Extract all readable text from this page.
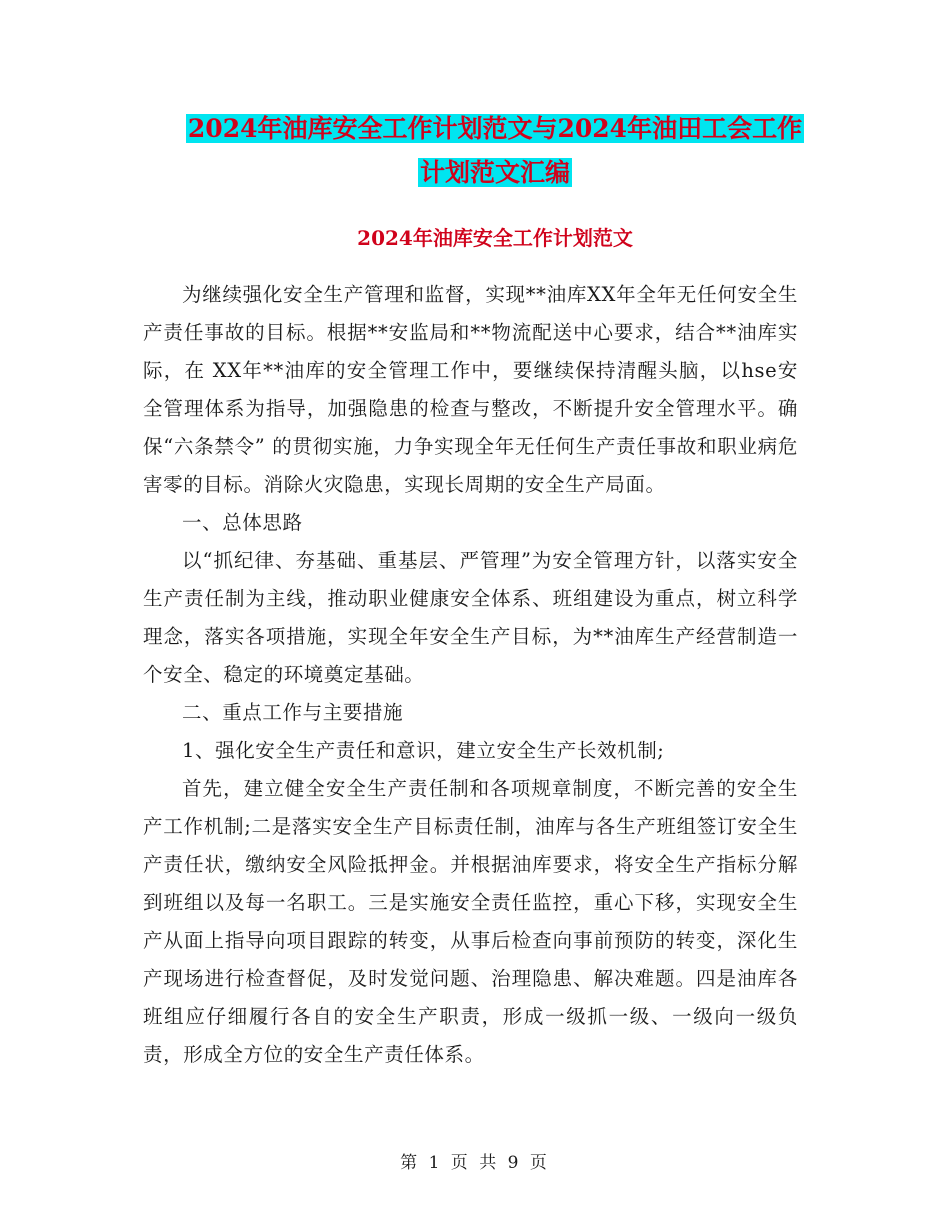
2024年油库安全工作计划范文与2024年油田工会工作
计划范文汇编
2024年油库安全工作计划范文

为继续强化安全生产管理和监督，实现**油库XX年全年无任何安全生产责任事故的目标。根据**安监局和**物流配送中心要求，结合**油库实际，在 XX年**油库的安全管理工作中，要继续保持清醒头脑，以hse安全管理体系为指导，加强隐患的检查与整改，不断提升安全管理水平。确保“六条禁令” 的贯彻实施，力争实现全年无任何生产责任事故和职业病危害零的目标。消除火灾隐患，实现长周期的安全生产局面。

一、总体思路

以“抓纪律、夯基础、重基层、严管理”为安全管理方针，以落实安全生产责任制为主线，推动职业健康安全体系、班组建设为重点，树立科学理念，落实各项措施，实现全年安全生产目标，为**油库生产经营制造一个安全、稳定的环境奠定基础。

二、重点工作与主要措施

1、强化安全生产责任和意识，建立安全生产长效机制;

首先，建立健全安全生产责任制和各项规章制度，不断完善的安全生产工作机制;二是落实安全生产目标责任制，油库与各生产班组签订安全生产责任状，缴纳安全风险抵押金。并根据油库要求，将安全生产指标分解到班组以及每一名职工。三是实施安全责任监控，重心下移，实现安全生产从面上指导向项目跟踪的转变，从事后检查向事前预防的转变，深化生产现场进行检查督促，及时发觉问题、治理隐患、解决难题。四是油库各班组应仔细履行各自的安全生产职责，形成一级抓一级、一级向一级负责，形成全方位的安全生产责任体系。

第 1 页 共 9 页
